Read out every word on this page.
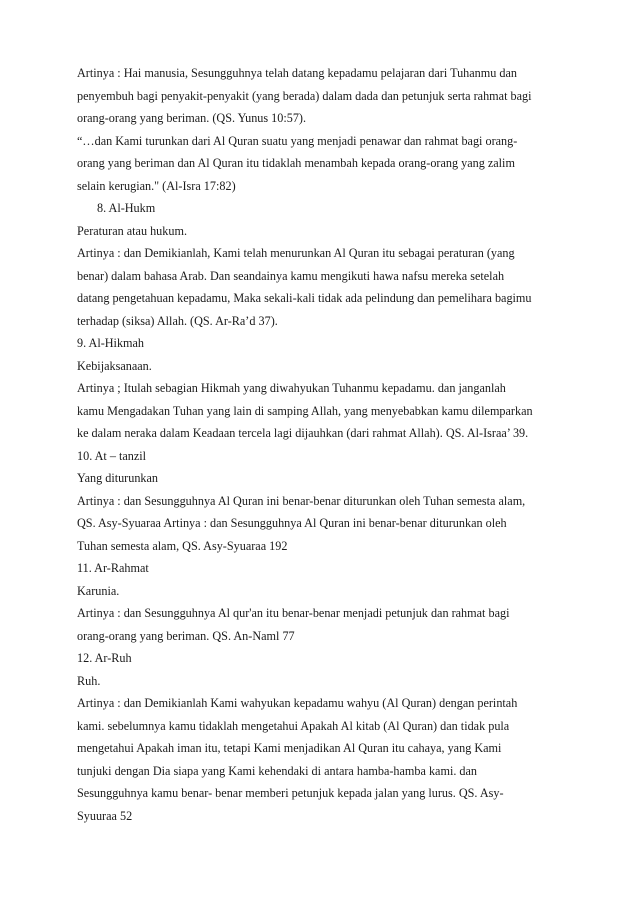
Artinya : Hai manusia, Sesungguhnya telah datang kepadamu pelajaran dari Tuhanmu dan
penyembuh bagi penyakit-penyakit (yang berada) dalam dada dan petunjuk serta rahmat bagi
orang-orang yang beriman. (QS. Yunus 10:57).
“…dan Kami turunkan dari Al Quran suatu yang menjadi penawar dan rahmat bagi orang-
orang yang beriman dan Al Quran itu tidaklah menambah kepada orang-orang yang zalim
selain kerugian." (Al-Isra 17:82)
8. Al-Hukm
Peraturan atau hukum.
Artinya : dan Demikianlah, Kami telah menurunkan Al Quran itu sebagai peraturan (yang
benar) dalam bahasa Arab. Dan seandainya kamu mengikuti hawa nafsu mereka setelah
datang pengetahuan kepadamu, Maka sekali-kali tidak ada pelindung dan pemelihara bagimu
terhadap (siksa) Allah. (QS. Ar-Ra’d 37).
9. Al-Hikmah
Kebijaksanaan.
Artinya ; Itulah sebagian Hikmah yang diwahyukan Tuhanmu kepadamu. dan janganlah
kamu Mengadakan Tuhan yang lain di samping Allah, yang menyebabkan kamu dilemparkan
ke dalam neraka dalam Keadaan tercela lagi dijauhkan (dari rahmat Allah). QS. Al-Israa’ 39.
10. At – tanzil
Yang diturunkan
Artinya : dan Sesungguhnya Al Quran ini benar-benar diturunkan oleh Tuhan semesta alam,
QS. Asy-Syuaraa Artinya : dan Sesungguhnya Al Quran ini benar-benar diturunkan oleh
Tuhan semesta alam, QS. Asy-Syuaraa 192
11. Ar-Rahmat
Karunia.
Artinya : dan Sesungguhnya Al qur'an itu benar-benar menjadi petunjuk dan rahmat bagi
orang-orang yang beriman. QS. An-Naml 77
12. Ar-Ruh
Ruh.
Artinya : dan Demikianlah Kami wahyukan kepadamu wahyu (Al Quran) dengan perintah
kami. sebelumnya kamu tidaklah mengetahui Apakah Al kitab (Al Quran) dan tidak pula
mengetahui Apakah iman itu, tetapi Kami menjadikan Al Quran itu cahaya, yang Kami
tunjuki dengan Dia siapa yang Kami kehendaki di antara hamba-hamba kami. dan
Sesungguhnya kamu benar- benar memberi petunjuk kepada jalan yang lurus. QS. Asy-
Syuuraa 52
